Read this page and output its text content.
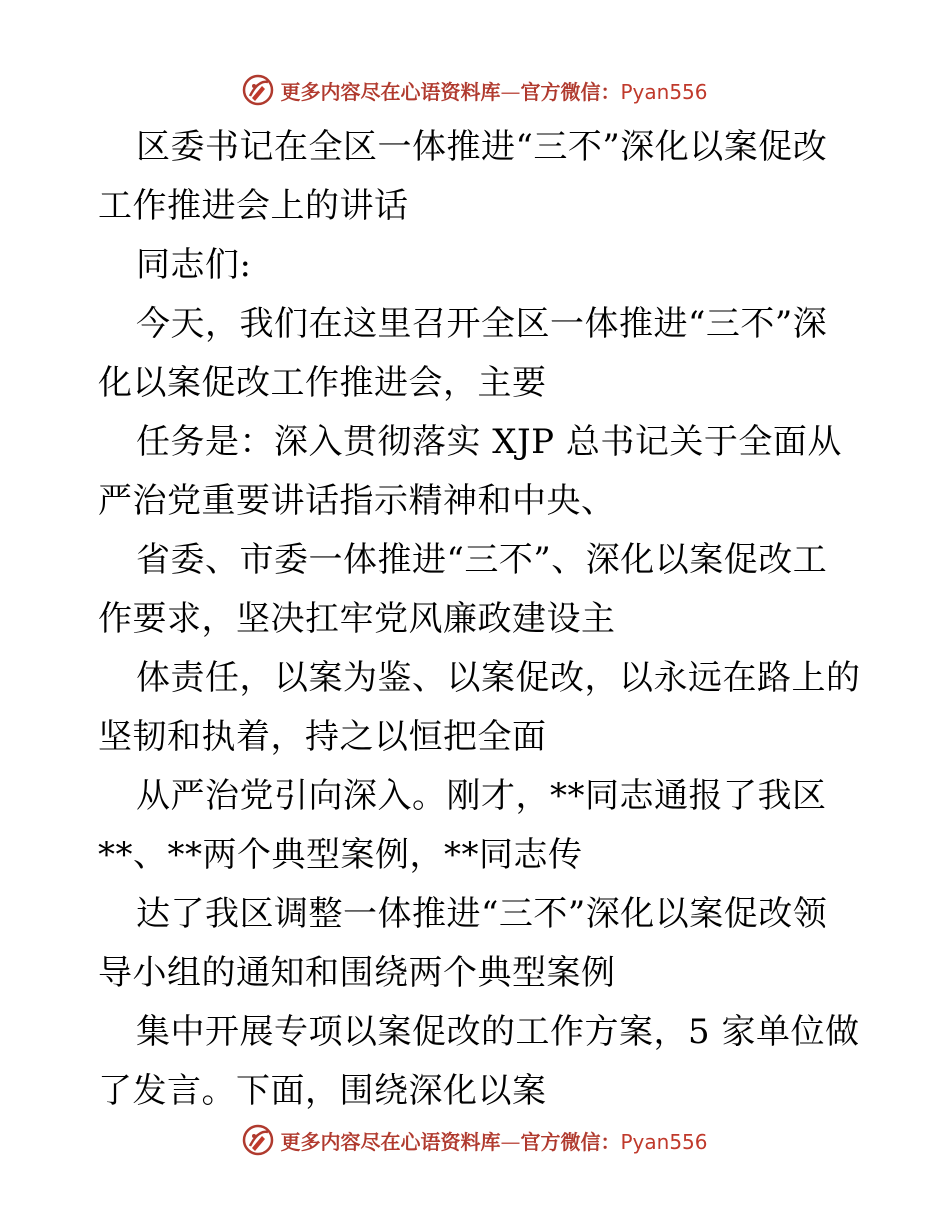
更多内容尽在心语资料库—官方微信：Pyan556
区委书记在全区一体推进“三不”深化以案促改
工作推进会上的讲话
同志们:
今天，我们在这里召开全区一体推进“三不”深
化以案促改工作推进会，主要
任务是：深入贯彻落实 XJP 总书记关于全面从
严治党重要讲话指示精神和中央、
省委、市委一体推进“三不”、深化以案促改工
作要求，坚决扛牢党风廉政建设主
体责任，以案为鉴、以案促改，以永远在路上的
坚韧和执着，持之以恒把全面
从严治党引向深入。刚才，**同志通报了我区
**、**两个典型案例，**同志传
达了我区调整一体推进“三不”深化以案促改领
导小组的通知和围绕两个典型案例
集中开展专项以案促改的工作方案，5 家单位做
了发言。下面，围绕深化以案
更多内容尽在心语资料库—官方微信：Pyan556
